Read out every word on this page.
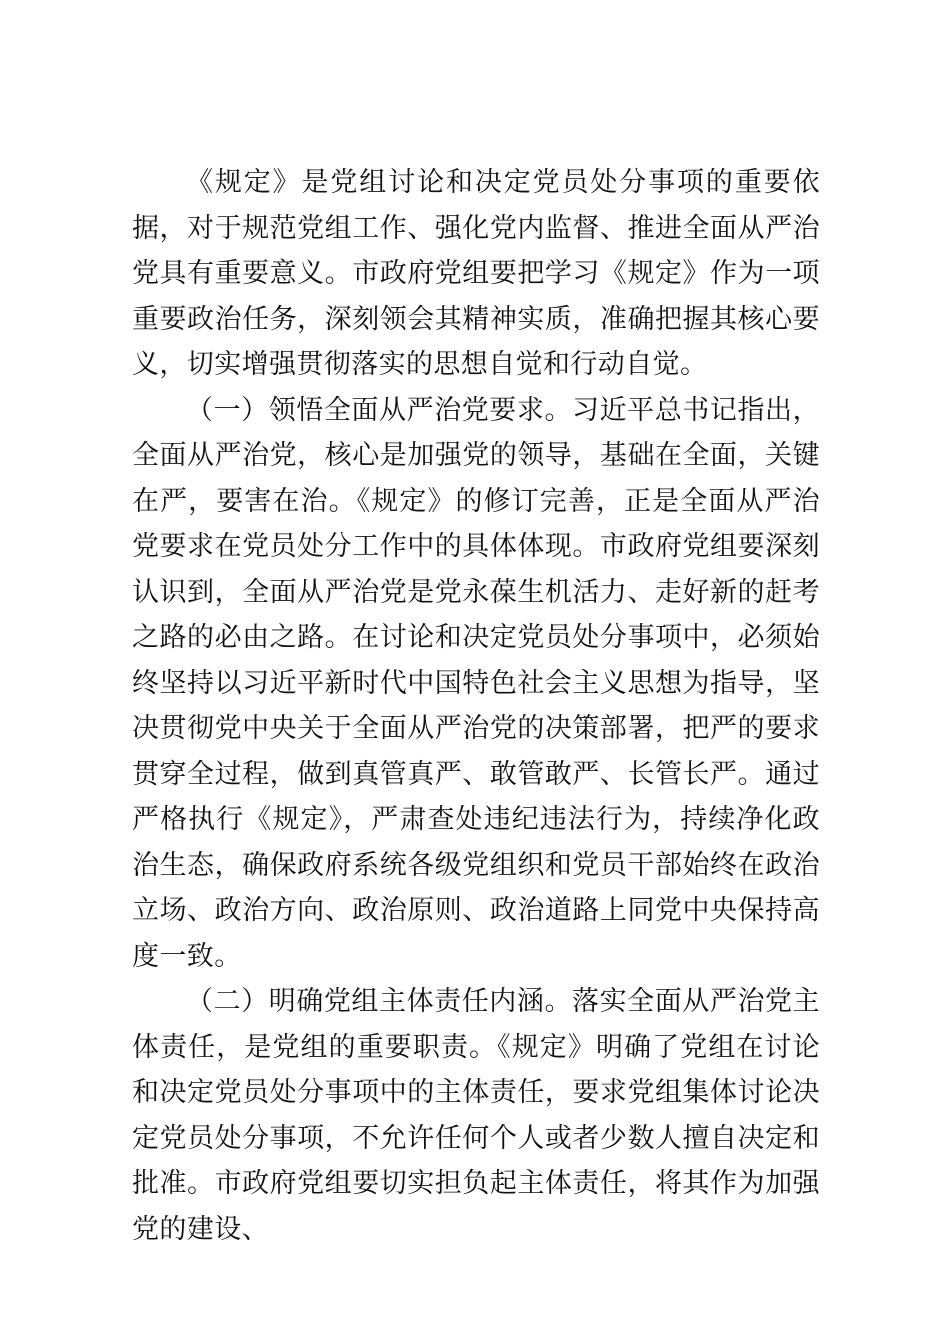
《规定》是党组讨论和决定党员处分事项的重要依据，对于规范党组工作、强化党内监督、推进全面从严治党具有重要意义。市政府党组要把学习《规定》作为一项重要政治任务，深刻领会其精神实质，准确把握其核心要义，切实增强贯彻落实的思想自觉和行动自觉。

（一）领悟全面从严治党要求。习近平总书记指出，全面从严治党，核心是加强党的领导，基础在全面，关键在严，要害在治。《规定》的修订完善，正是全面从严治党要求在党员处分工作中的具体体现。市政府党组要深刻认识到，全面从严治党是党永葆生机活力、走好新的赶考之路的必由之路。在讨论和决定党员处分事项中，必须始终坚持以习近平新时代中国特色社会主义思想为指导，坚决贯彻党中央关于全面从严治党的决策部署，把严的要求贯穿全过程，做到真管真严、敢管敢严、长管长严。通过严格执行《规定》，严肃查处违纪违法行为，持续净化政治生态，确保政府系统各级党组织和党员干部始终在政治立场、政治方向、政治原则、政治道路上同党中央保持高度一致。

（二）明确党组主体责任内涵。落实全面从严治党主体责任，是党组的重要职责。《规定》明确了党组在讨论和决定党员处分事项中的主体责任，要求党组集体讨论决定党员处分事项，不允许任何个人或者少数人擅自决定和批准。市政府党组要切实担负起主体责任，将其作为加强党的建设、
